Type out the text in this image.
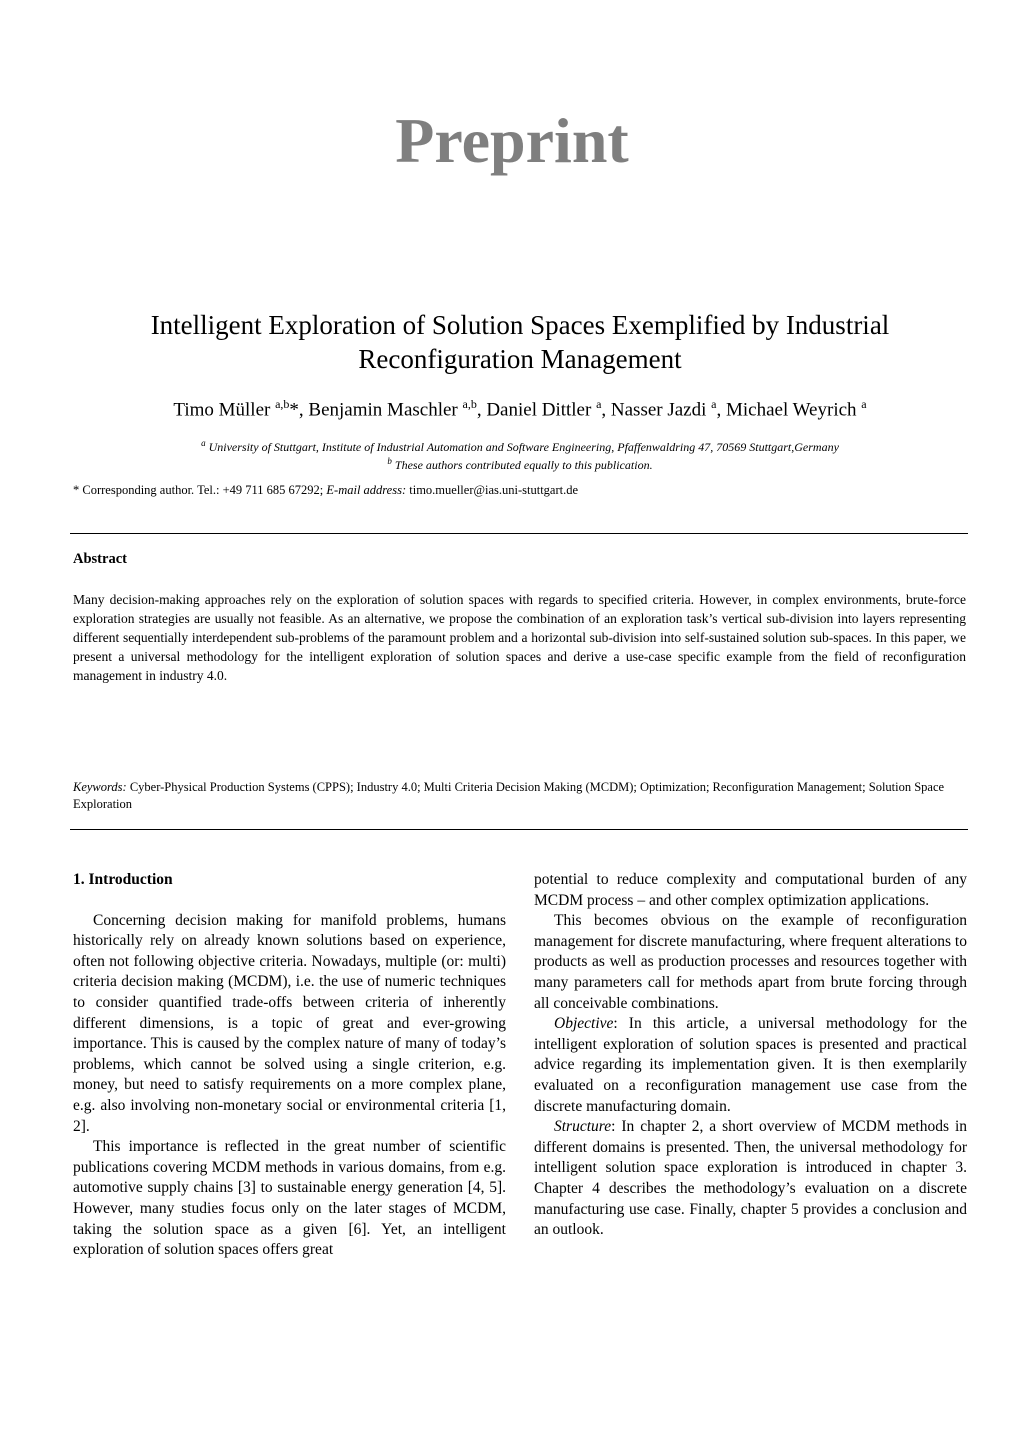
Preprint
Intelligent Exploration of Solution Spaces Exemplified by Industrial Reconfiguration Management
Timo Müller $^{a,b}$*, Benjamin Maschler $^{a,b}$, Daniel Dittler $^a$, Nasser Jazdi $^a$, Michael Weyrich $^a$
$^a$ University of Stuttgart, Institute of Industrial Automation and Software Engineering, Pfaffenwaldring 47, 70569 Stuttgart,Germany
$^b$ These authors contributed equally to this publication.
* Corresponding author. Tel.: +49 711 685 67292; E-mail address: timo.mueller@ias.uni-stuttgart.de
Abstract
Many decision-making approaches rely on the exploration of solution spaces with regards to specified criteria. However, in complex environments, brute-force exploration strategies are usually not feasible. As an alternative, we propose the combination of an exploration task’s vertical sub-division into layers representing different sequentially interdependent sub-problems of the paramount problem and a horizontal sub-division into self-sustained solution sub-spaces. In this paper, we present a universal methodology for the intelligent exploration of solution spaces and derive a use-case specific example from the field of reconfiguration management in industry 4.0.
Keywords: Cyber-Physical Production Systems (CPPS); Industry 4.0; Multi Criteria Decision Making (MCDM); Optimization; Reconfiguration Management; Solution Space Exploration
1. Introduction

Concerning decision making for manifold problems, humans historically rely on already known solutions based on experience, often not following objective criteria. Nowadays, multiple (or: multi) criteria decision making (MCDM), i.e. the use of numeric techniques to consider quantified trade-offs between criteria of inherently different dimensions, is a topic of great and ever-growing importance. This is caused by the complex nature of many of today’s problems, which cannot be solved using a single criterion, e.g. money, but need to satisfy requirements on a more complex plane, e.g. also involving non-monetary social or environmental criteria [1, 2].

This importance is reflected in the great number of scientific publications covering MCDM methods in various domains, from e.g. automotive supply chains [3] to sustainable energy generation [4, 5]. However, many studies focus only on the later stages of MCDM, taking the solution space as a given [6]. Yet, an intelligent exploration of solution spaces offers great

potential to reduce complexity and computational burden of any MCDM process – and other complex optimization applications.

This becomes obvious on the example of reconfiguration management for discrete manufacturing, where frequent alterations to products as well as production processes and resources together with many parameters call for methods apart from brute forcing through all conceivable combinations.

Objective: In this article, a universal methodology for the intelligent exploration of solution spaces is presented and practical advice regarding its implementation given. It is then exemplarily evaluated on a reconfiguration management use case from the discrete manufacturing domain.

Structure: In chapter 2, a short overview of MCDM methods in different domains is presented. Then, the universal methodology for intelligent solution space exploration is introduced in chapter 3. Chapter 4 describes the methodology’s evaluation on a discrete manufacturing use case. Finally, chapter 5 provides a conclusion and an outlook.
